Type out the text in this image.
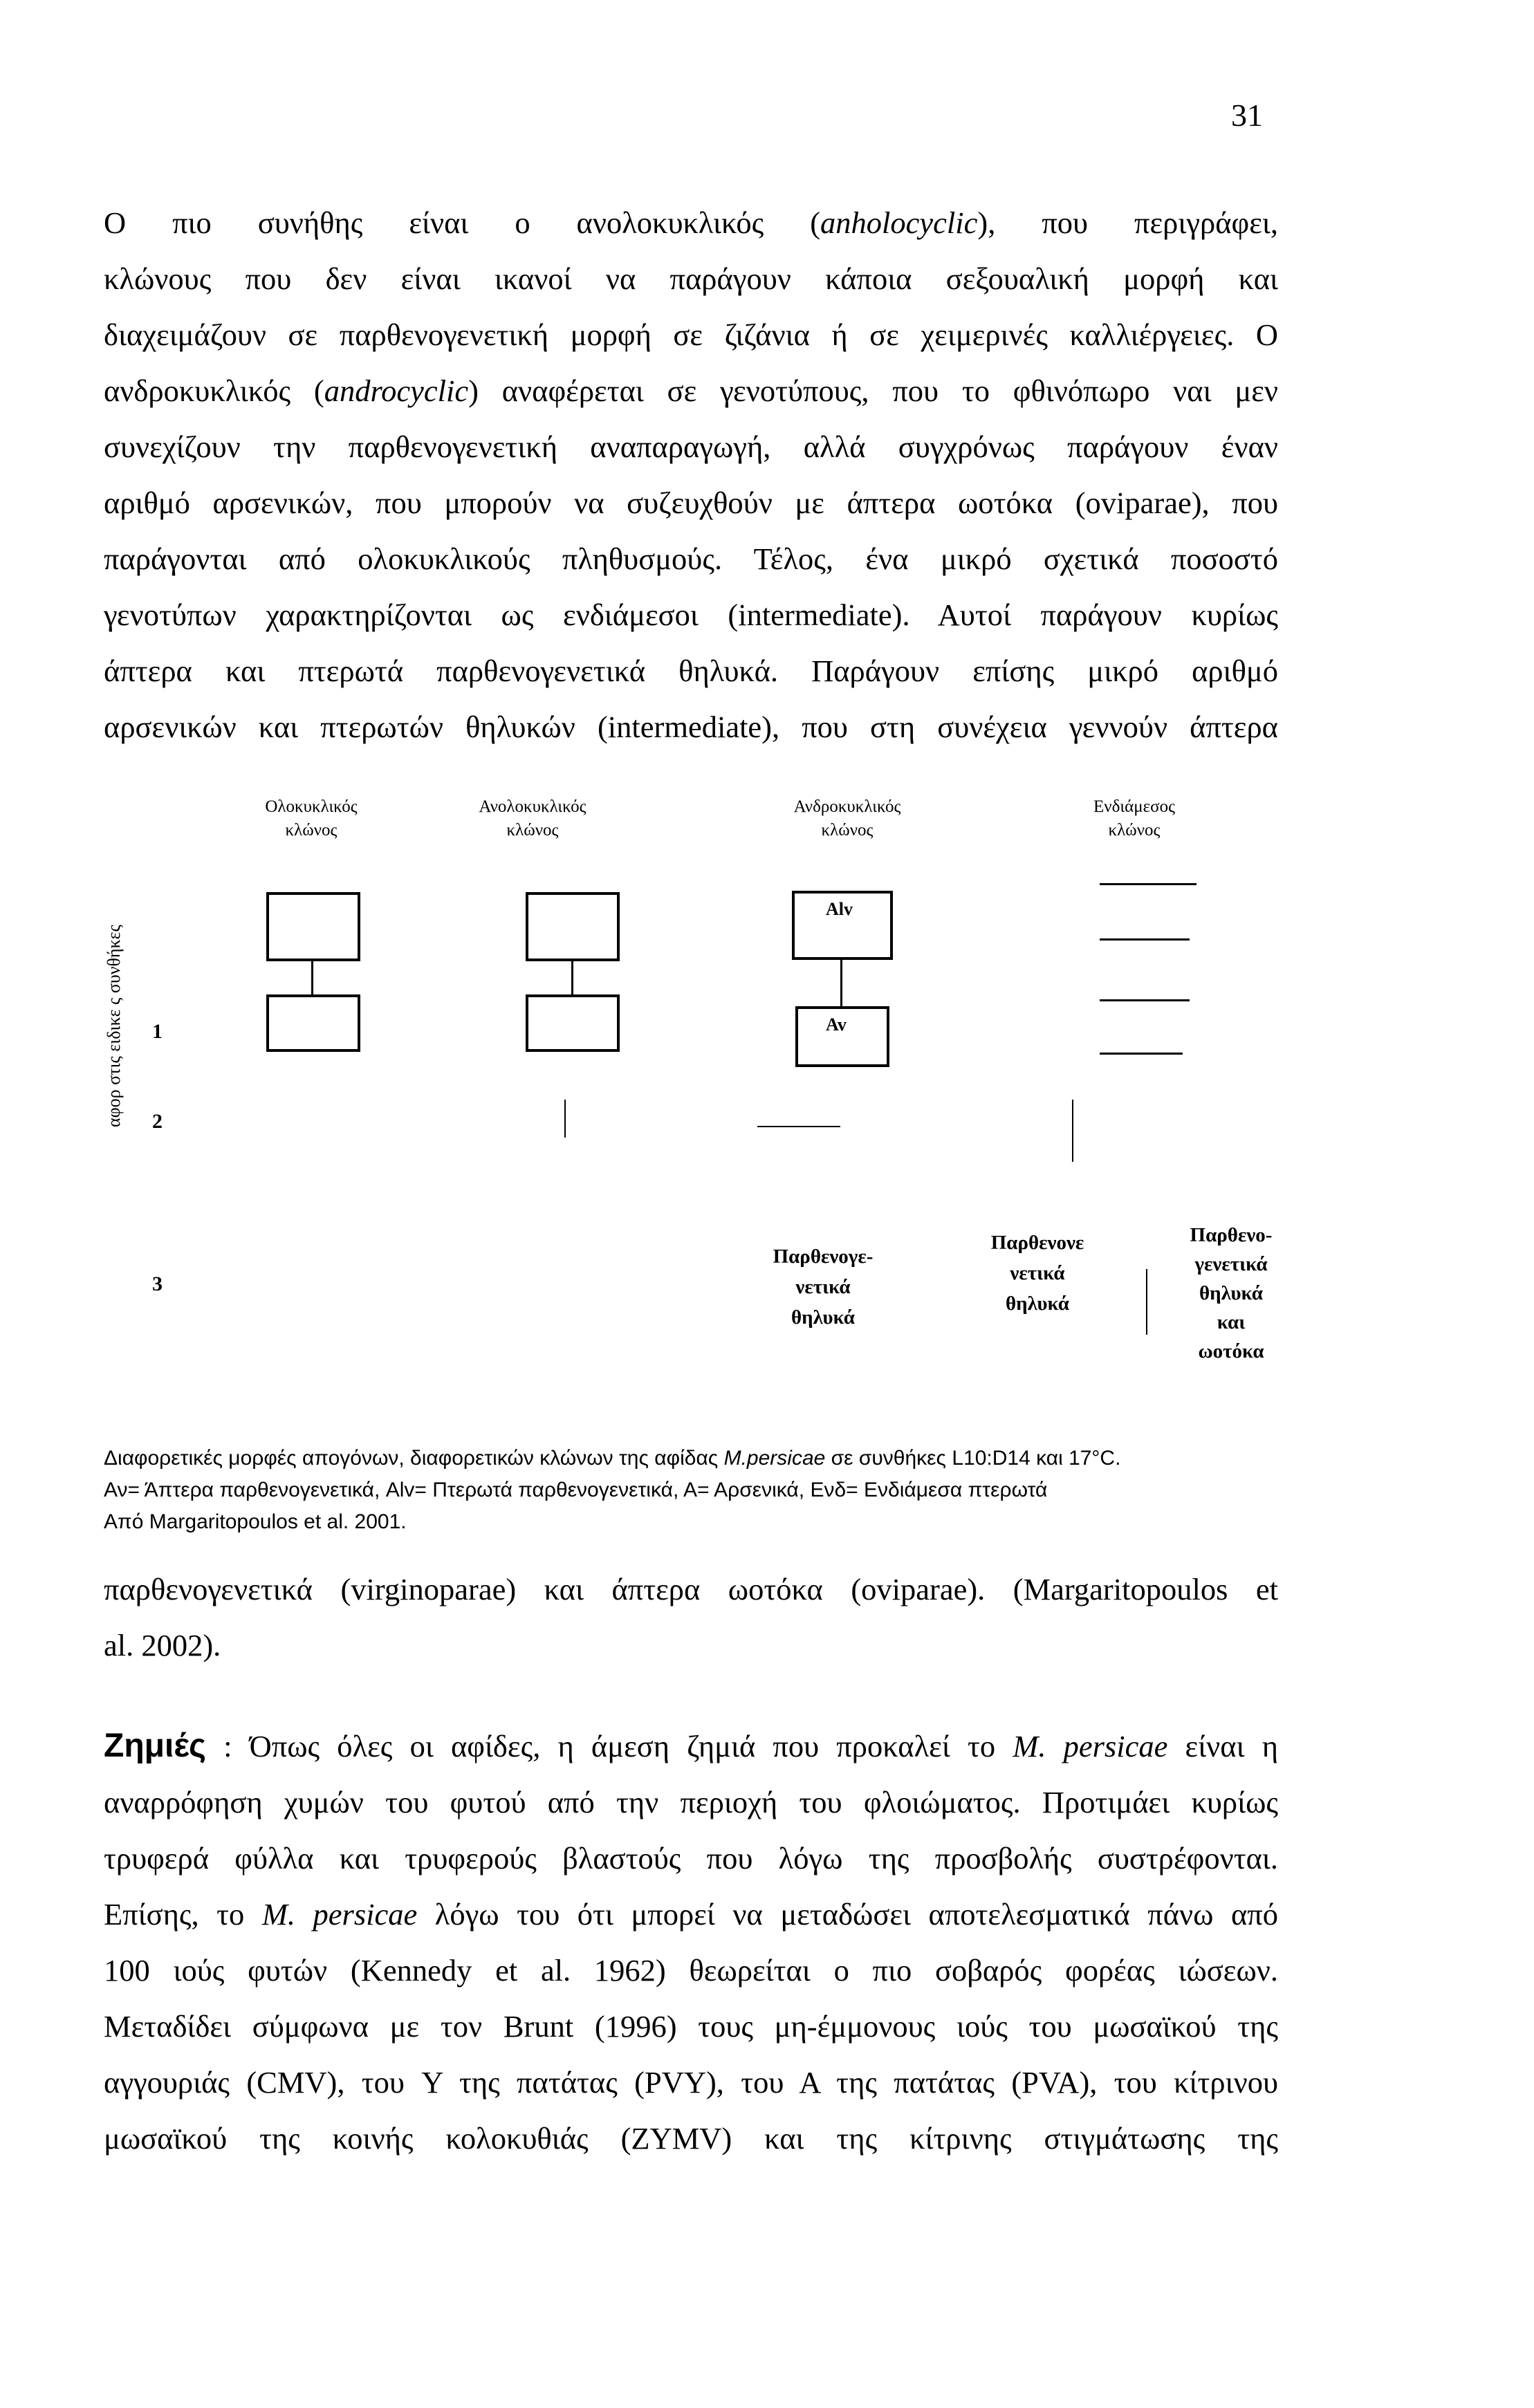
31
Ο πιο συνήθης είναι ο ανολοκυκλικός (anholocyclic), που περιγράφει,
κλώνους που δεν είναι ικανοί να παράγουν κάποια σεξουαλική μορφή και
διαχειμάζουν σε παρθενογενετική μορφή σε ζιζάνια ή σε χειμερινές καλλιέργειες. Ο
ανδροκυκλικός (androcyclic) αναφέρεται σε γενοτύπους, που το φθινόπωρο ναι μεν
συνεχίζουν την παρθενογενετική αναπαραγωγή, αλλά συγχρόνως παράγουν έναν
αριθμό αρσενικών, που μπορούν να συζευχθούν με άπτερα ωοτόκα (oviparae), που
παράγονται από ολοκυκλικούς πληθυσμούς. Τέλος, ένα μικρό σχετικά ποσοστό
γενοτύπων χαρακτηρίζονται ως ενδιάμεσοι (intermediate). Αυτοί παράγουν κυρίως
άπτερα και πτερωτά παρθενογενετικά θηλυκά. Παράγουν επίσης μικρό αριθμό
αρσενικών και πτερωτών θηλυκών (intermediate), που στη συνέχεια γεννούν άπτερα
αφορ στις ειδικε ς συνθήκες
Ολοκυκλικός
κλώνος
Ανολοκυκλικός
κλώνος
Ανδροκυκλικός
κλώνος
Ενδιάμεσος
κλώνος
1
2
3
Alv
Av
Παρθενογε-
νετικά
θηλυκά
Παρθενονε
νετικά
θηλυκά
Παρθενο-
γενετικά
θηλυκά
και
ωοτόκα
Διαφορετικές μορφές απογόνων, διαφορετικών κλώνων της αφίδας M.persicae σε συνθήκες L10:D14 και 17°C.
Αν= Άπτερα παρθενογενετικά, Alv= Πτερωτά παρθενογενετικά, Α= Αρσενικά, Ενδ= Ενδιάμεσα πτερωτά
Από Margaritopoulos et al. 2001.
παρθενογενετικά (virginoparae) και άπτερα ωοτόκα (oviparae). (Margaritopoulos et
al. 2002).
Ζημιές : Όπως όλες οι αφίδες, η άμεση ζημιά που προκαλεί το M. persicae είναι η
αναρρόφηση χυμών του φυτού από την περιοχή του φλοιώματος. Προτιμάει κυρίως
τρυφερά φύλλα και τρυφερούς βλαστούς που λόγω της προσβολής συστρέφονται.
Επίσης, το M. persicae λόγω του ότι μπορεί να μεταδώσει αποτελεσματικά πάνω από
100 ιούς φυτών (Kennedy et al. 1962) θεωρείται ο πιο σοβαρός φορέας ιώσεων.
Μεταδίδει σύμφωνα με τον Brunt (1996) τους μη-έμμονους ιούς του μωσαϊκού της
αγγουριάς (CMV), του Y της πατάτας (PVY), του Α της πατάτας (PVA), του κίτρινου
μωσαϊκού της κοινής κολοκυθιάς (ZYMV) και της κίτρινης στιγμάτωσης της
